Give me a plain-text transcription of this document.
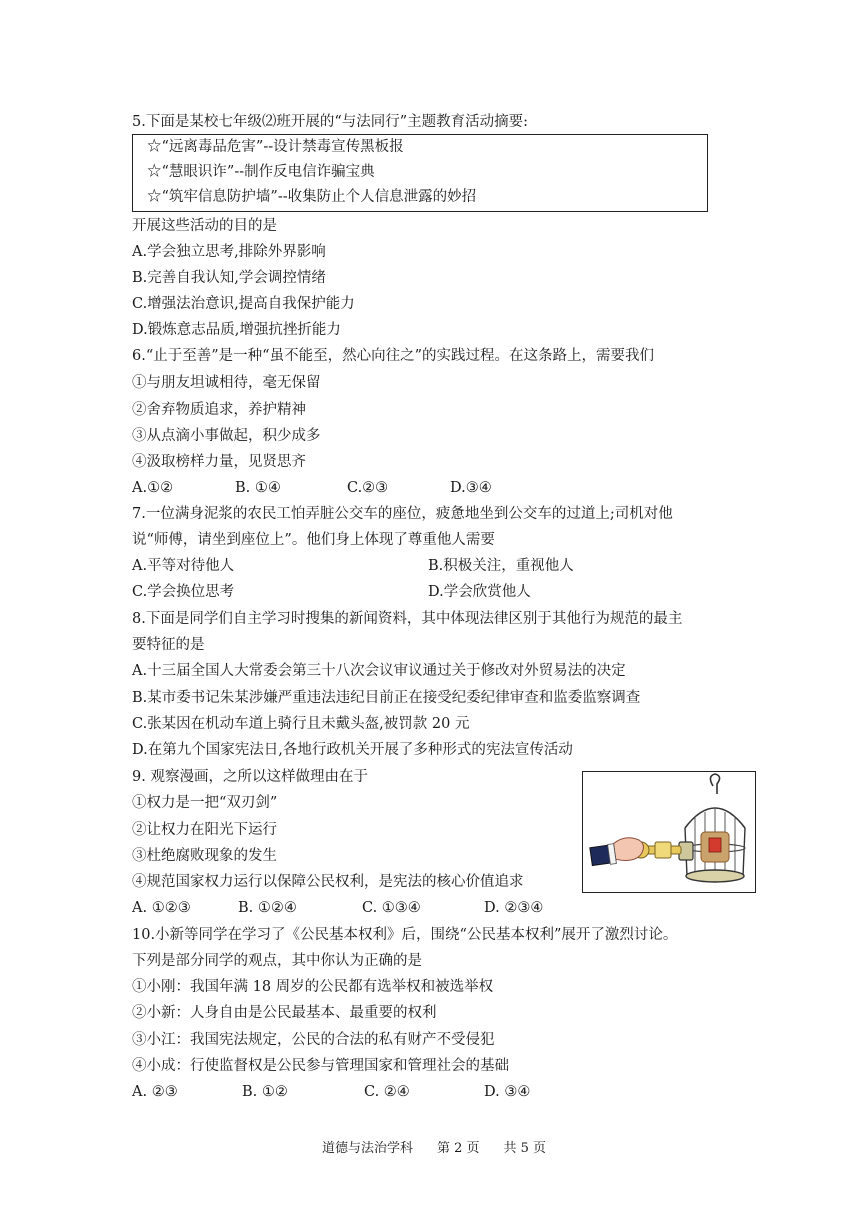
5.下面是某校七年级⑵班开展的“与法同行”主题教育活动摘要:
☆“远离毒品危害”--设计禁毒宣传黑板报
☆“慧眼识诈”--制作反电信诈骗宝典
☆“筑牢信息防护墙”--收集防止个人信息泄露的妙招
开展这些活动的目的是
A.学会独立思考,排除外界影响
B.完善自我认知,学会调控情绪
C.增强法治意识,提高自我保护能力
D.锻炼意志品质,增强抗挫折能力
6.“止于至善”是一种“虽不能至，然心向往之”的实践过程。在这条路上，需要我们
①与朋友坦诚相待，毫无保留
②舍弃物质追求，养护精神
③从点滴小事做起，积少成多
④汲取榜样力量，见贤思齐
A.①②	B. ①④	C.②③	D.③④
7.一位满身泥浆的农民工怕弄脏公交车的座位，疲惫地坐到公交车的过道上;司机对他
说“师傅，请坐到座位上”。他们身上体现了尊重他人需要
A.平等对待他人	B.积极关注，重视他人
C.学会换位思考	D.学会欣赏他人
8.下面是同学们自主学习时搜集的新闻资料，其中体现法律区别于其他行为规范的最主
要特征的是
A.十三届全国人大常委会第三十八次会议审议通过关于修改对外贸易法的决定
B.某市委书记朱某涉嫌严重违法违纪目前正在接受纪委纪律审查和监委监察调查
C.张某因在机动车道上骑行且未戴头盔,被罚款 20 元
D.在第九个国家宪法日,各地行政机关开展了多种形式的宪法宣传活动
9. 观察漫画，之所以这样做理由在于
①权力是一把“双刃剑”
②让权力在阳光下运行
③杜绝腐败现象的发生
④规范国家权力运行以保障公民权利，是宪法的核心价值追求
A. ①②③	B. ①②④	C. ①③④	D. ②③④
10.小新等同学在学习了《公民基本权利》后，围绕“公民基本权利”展开了激烈讨论。
下列是部分同学的观点，其中你认为正确的是
①小刚：我国年满 18 周岁的公民都有选举权和被选举权
②小新：人身自由是公民最基本、最重要的权利
③小江：我国宪法规定，公民的合法的私有财产不受侵犯
④小成：行使监督权是公民参与管理国家和管理社会的基础
A. ②③	B. ①②	C. ②④	D. ③④
道德与法治学科 第 2 页 共 5 页
